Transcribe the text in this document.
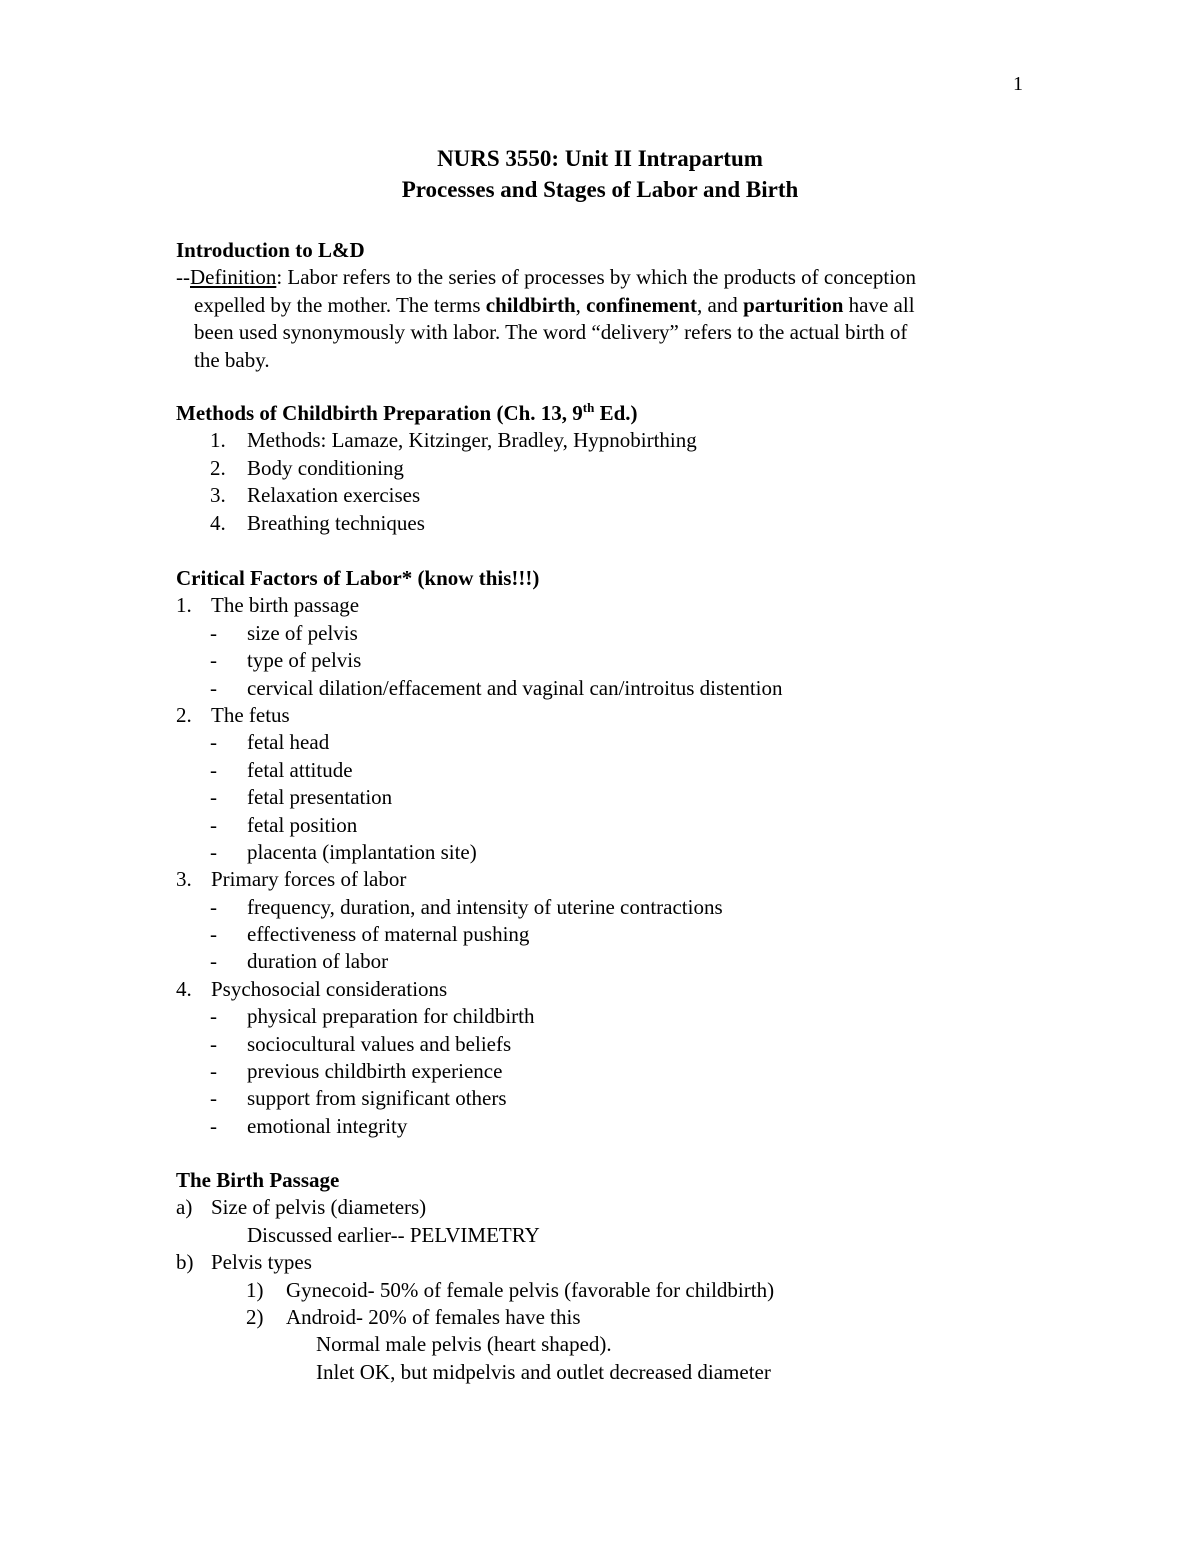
1
NURS 3550: Unit II Intrapartum
Processes and Stages of Labor and Birth
Introduction to L&D
--Definition: Labor refers to the series of processes by which the products of conception
expelled by the mother. The terms childbirth, confinement, and parturition have all
been used synonymously with labor. The word “delivery” refers to the actual birth of
the baby.
Methods of Childbirth Preparation (Ch. 13, 9th Ed.)
1. Methods: Lamaze, Kitzinger, Bradley, Hypnobirthing
2. Body conditioning
3. Relaxation exercises
4. Breathing techniques
Critical Factors of Labor* (know this!!!)
1. The birth passage
- size of pelvis
- type of pelvis
- cervical dilation/effacement and vaginal can/introitus distention
2. The fetus
- fetal head
- fetal attitude
- fetal presentation
- fetal position
- placenta (implantation site)
3. Primary forces of labor
- frequency, duration, and intensity of uterine contractions
- effectiveness of maternal pushing
- duration of labor
4. Psychosocial considerations
- physical preparation for childbirth
- sociocultural values and beliefs
- previous childbirth experience
- support from significant others
- emotional integrity
The Birth Passage
a) Size of pelvis (diameters)
Discussed earlier-- PELVIMETRY
b) Pelvis types
1) Gynecoid- 50% of female pelvis (favorable for childbirth)
2) Android- 20% of females have this
Normal male pelvis (heart shaped).
Inlet OK, but midpelvis and outlet decreased diameter
